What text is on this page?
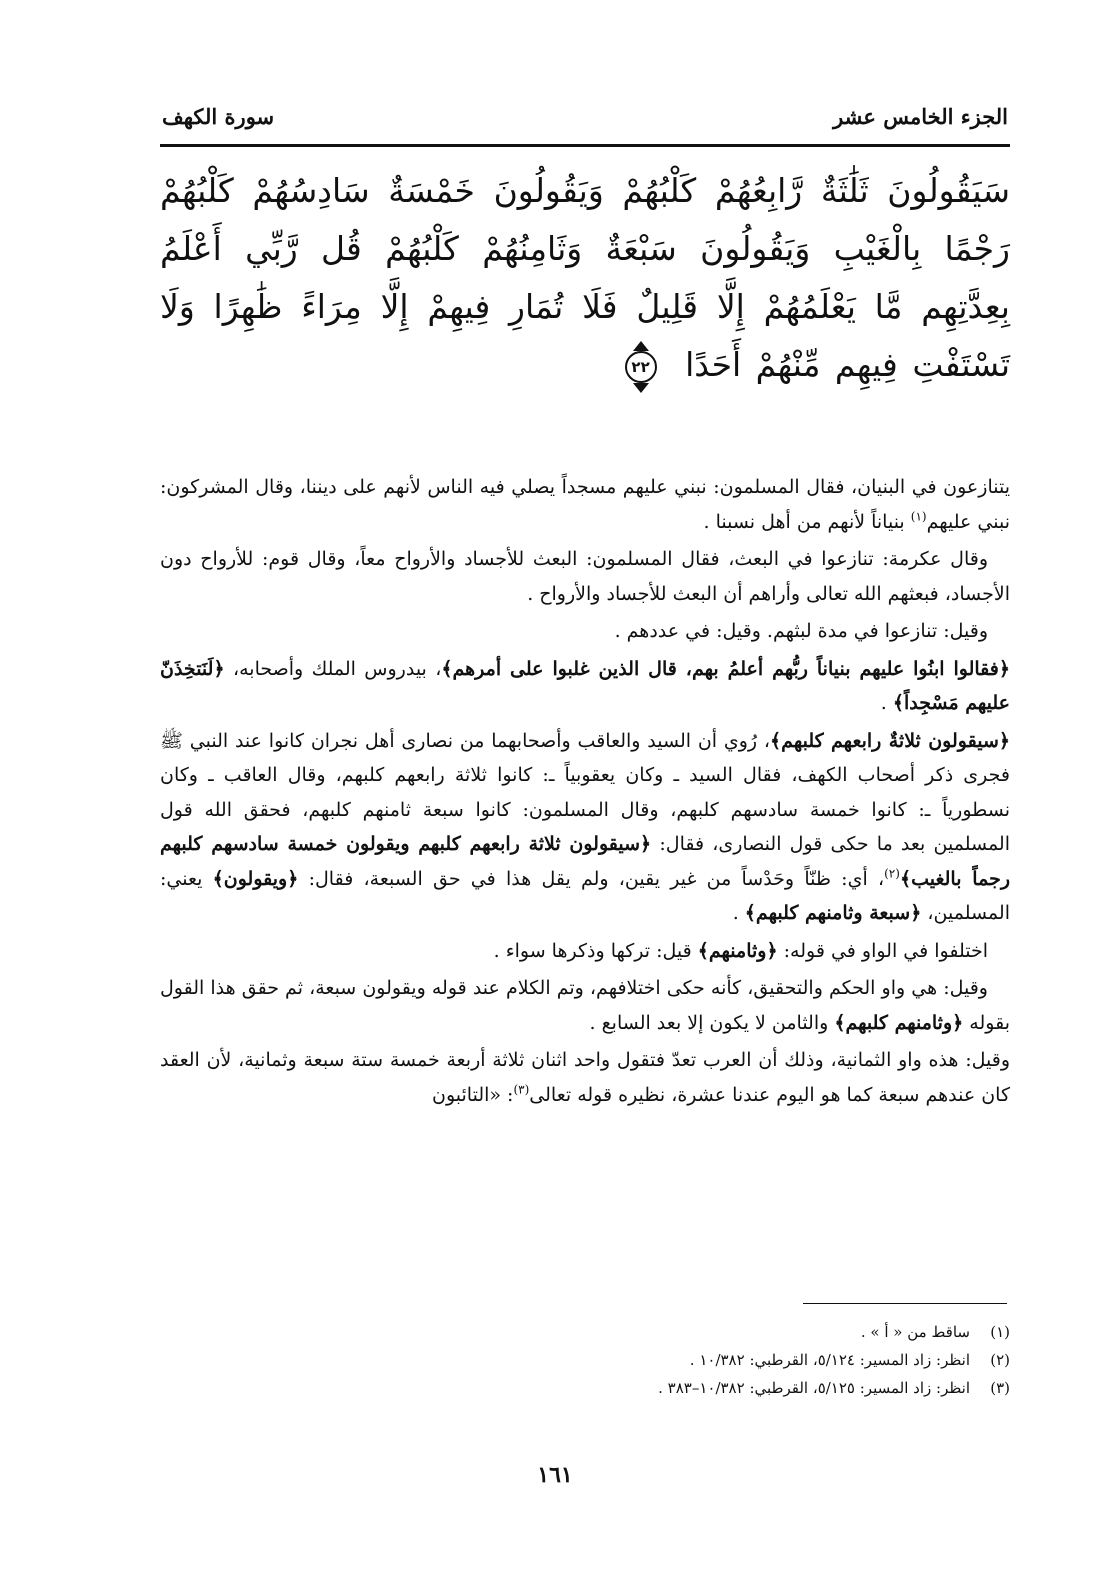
الجزء الخامس عشر
سورة الكهف
سَيَقُولُونَ ثَلَٰثَةٌ رَّابِعُهُمْ كَلْبُهُمْ وَيَقُولُونَ خَمْسَةٌ سَادِسُهُمْ كَلْبُهُمْ رَجْمًا بِالْغَيْبِ وَيَقُولُونَ سَبْعَةٌ وَثَامِنُهُمْ كَلْبُهُمْ قُل رَّبِّي أَعْلَمُ بِعِدَّتِهِم مَّا يَعْلَمُهُمْ إِلَّا قَلِيلٌ فَلَا تُمَارِ فِيهِمْ إِلَّا مِرَاءً ظَٰهِرًا وَلَا تَسْتَفْتِ فِيهِم مِّنْهُمْ أَحَدًا
٢٢

يتنازعون في البنيان، فقال المسلمون: نبني عليهم مسجداً يصلي فيه الناس لأنهم على ديننا، وقال المشركون: نبني عليهم$^{(١)}$ بنياناً لأنهم من أهل نسبنا .

وقال عكرمة: تنازعوا في البعث، فقال المسلمون: البعث للأجساد والأرواح معاً، وقال قوم: للأرواح دون الأجساد، فبعثهم الله تعالى وأراهم أن البعث للأجساد والأرواح .

وقيل: تنازعوا في مدة لبثهم. وقيل: في عددهم .

﴿فقالوا ابنُوا عليهم بنياناً ربُّهم أعلمُ بهم، قال الذين غلبوا على أمرهم﴾، بيدروس الملك وأصحابه، ﴿لَنَتخِذَنّ عليهم مَسْجِداً﴾ .

﴿سيقولون ثلاثةٌ رابعهم كلبهم﴾، رُوي أن السيد والعاقب وأصحابهما من نصارى أهل نجران كانوا عند النبي ﷺ فجرى ذكر أصحاب الكهف، فقال السيد ـ وكان يعقوبياً ـ: كانوا ثلاثة رابعهم كلبهم، وقال العاقب ـ وكان نسطورياً ـ: كانوا خمسة سادسهم كلبهم، وقال المسلمون: كانوا سبعة ثامنهم كلبهم، فحقق الله قول المسلمين بعد ما حكى قول النصارى، فقال: ﴿سيقولون ثلاثة رابعهم كلبهم ويقولون خمسة سادسهم كلبهم رجماً بالغيب﴾$^{(٢)}$، أي: ظنّاً وحَدْساً من غير يقين، ولم يقل هذا في حق السبعة، فقال: ﴿ويقولون﴾ يعني: المسلمين، ﴿سبعة وثامنهم كلبهم﴾ .

اختلفوا في الواو في قوله: ﴿وثامنهم﴾ قيل: تركها وذكرها سواء .

وقيل: هي واو الحكم والتحقيق، كأنه حكى اختلافهم، وتم الكلام عند قوله ويقولون سبعة، ثم حقق هذا القول بقوله ﴿وثامنهم كلبهم﴾ والثامن لا يكون إلا بعد السابع .

وقيل: هذه واو الثمانية، وذلك أن العرب تعدّ فتقول واحد اثنان ثلاثة أربعة خمسة ستة سبعة وثمانية، لأن العقد كان عندهم سبعة كما هو اليوم عندنا عشرة، نظيره قوله تعالى$^{(٣)}$: «التائبون

(١)
ساقط من « أ » .
(٢)
انظر: زاد المسير: ٥/١٢٤، القرطبي: ١٠/٣٨٢ .
(٣)
انظر: زاد المسير: ٥/١٢٥، القرطبي: ١٠/٣٨٢–٣٨٣ .
١٦١
